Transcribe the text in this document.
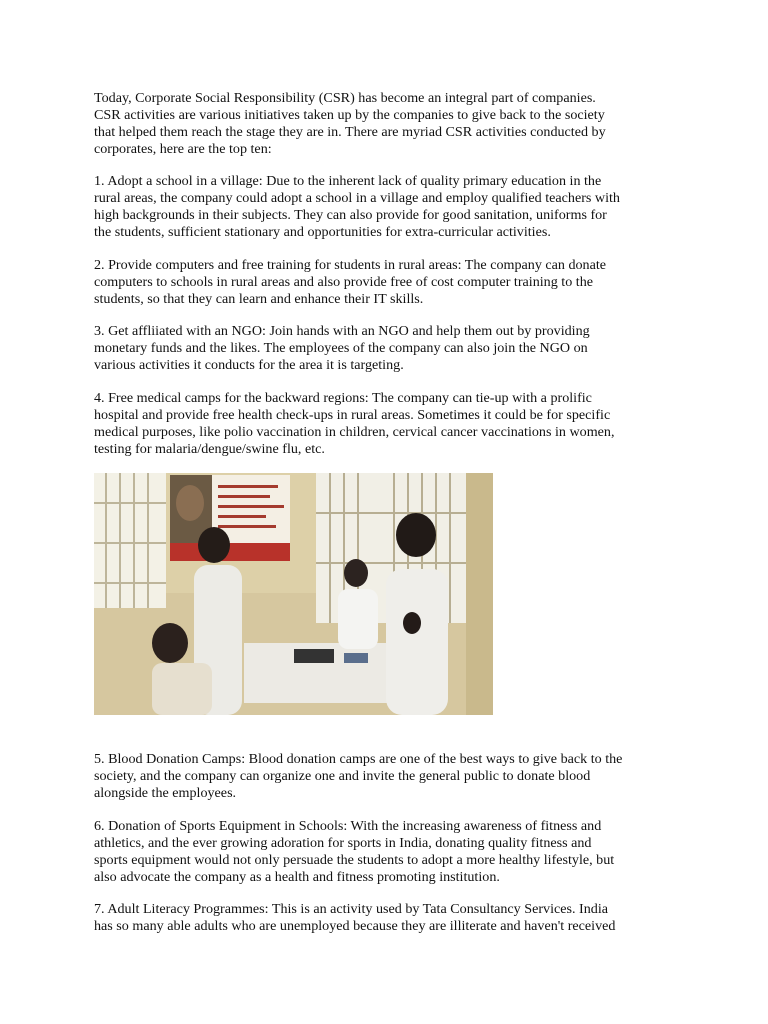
Today, Corporate Social Responsibility (CSR) has become an integral part of companies.
CSR activities are various initiatives taken up by the companies to give back to the society
that helped them reach the stage they are in. There are myriad CSR activities conducted by
corporates, here are the top ten:

1. Adopt a school in a village: Due to the inherent lack of quality primary education in the
rural areas, the company could adopt a school in a village and employ qualified teachers with
high backgrounds in their subjects. They can also provide for good sanitation, uniforms for
the students, sufficient stationary and opportunities for extra-curricular activities.

2. Provide computers and free training for students in rural areas: The company can donate
computers to schools in rural areas and also provide free of cost computer training to the
students, so that they can learn and enhance their IT skills.

3. Get affliiated with an NGO: Join hands with an NGO and help them out by providing
monetary funds and the likes. The employees of the company can also join the NGO on
various activities it conducts for the area it is targeting.

4. Free medical camps for the backward regions: The company can tie-up with a prolific
hospital and provide free health check-ups in rural areas. Sometimes it could be for specific
medical purposes, like polio vaccination in children, cervical cancer vaccinations in women,
testing for malaria/dengue/swine flu, etc.

5. Blood Donation Camps: Blood donation camps are one of the best ways to give back to the
society, and the company can organize one and invite the general public to donate blood
alongside the employees.

6. Donation of Sports Equipment in Schools: With the increasing awareness of fitness and
athletics, and the ever growing adoration for sports in India, donating quality fitness and
sports equipment would not only persuade the students to adopt a more healthy lifestyle, but
also advocate the company as a health and fitness promoting institution.

7. Adult Literacy Programmes: This is an activity used by Tata Consultancy Services. India
has so many able adults who are unemployed because they are illiterate and haven't received
